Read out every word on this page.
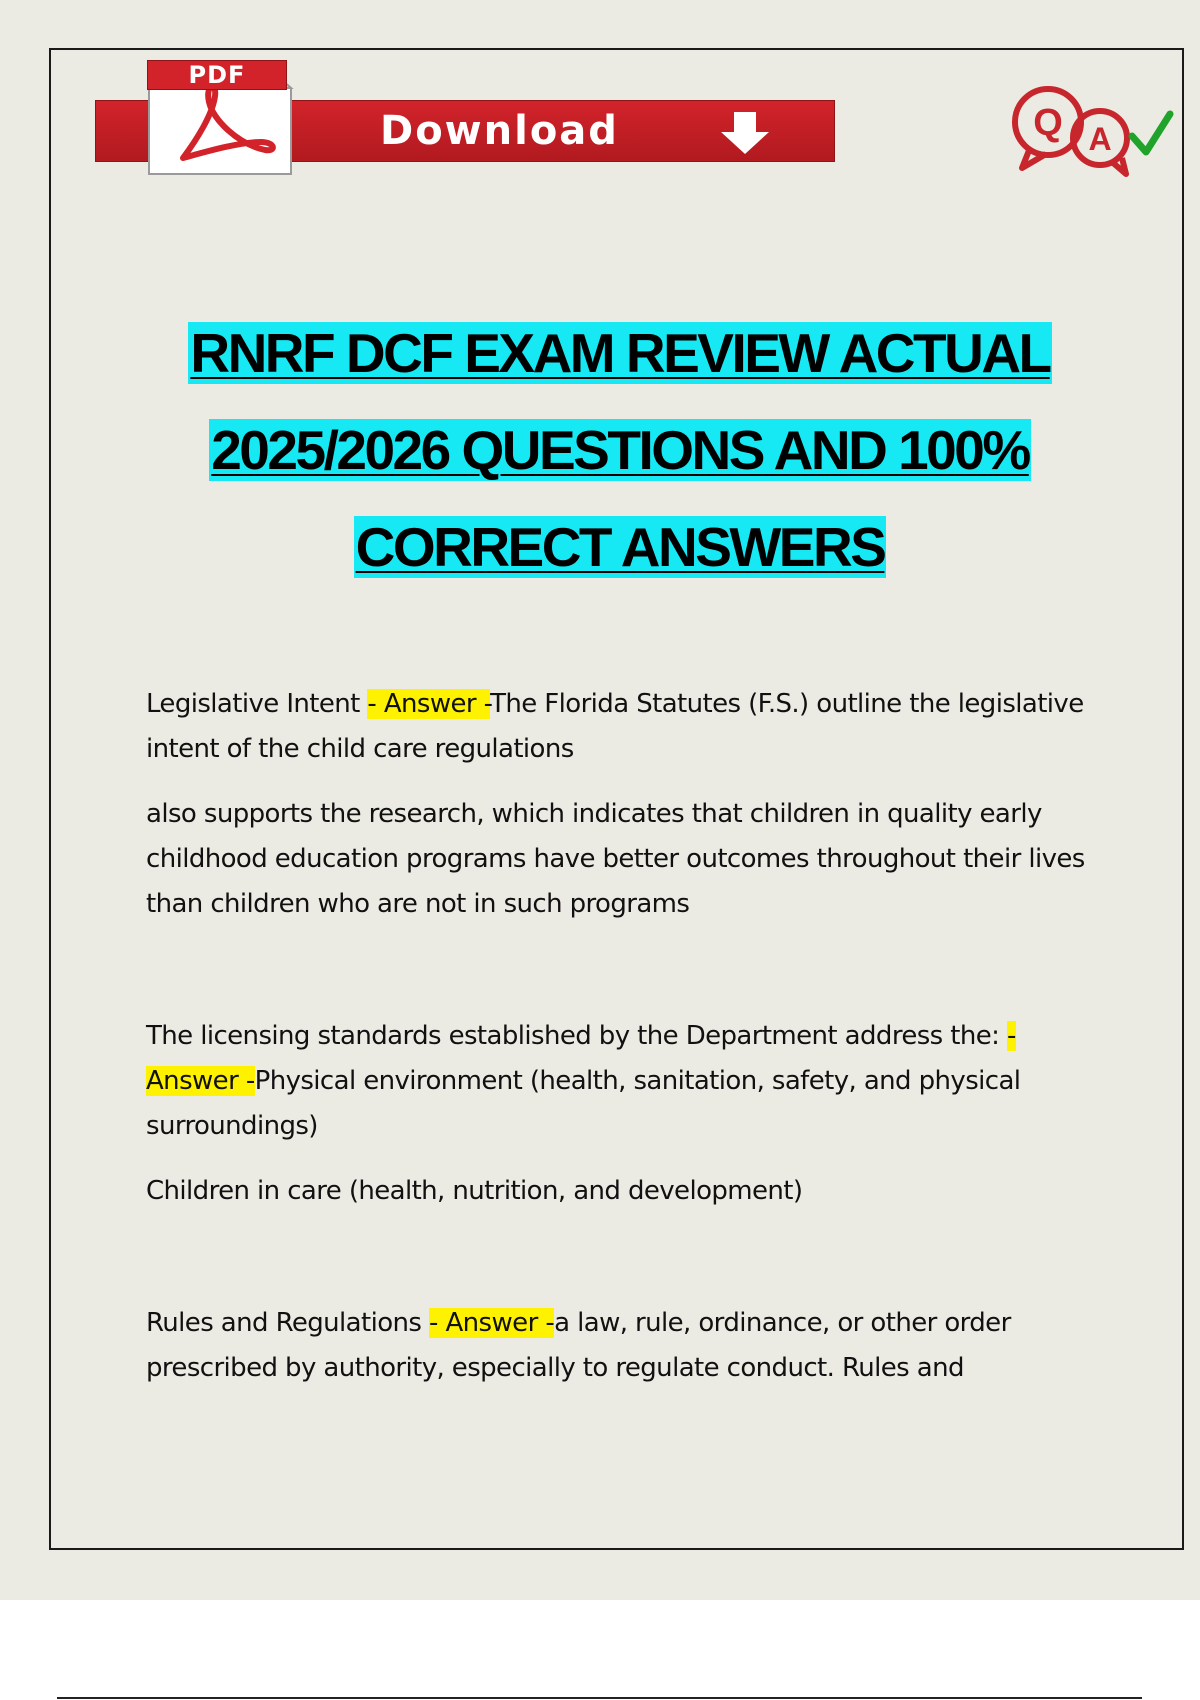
Download
PDF
Q A
RNRF DCF EXAM REVIEW ACTUAL
2025/2026 QUESTIONS AND 100%
CORRECT ANSWERS

Legislative Intent - Answer -The Florida Statutes (F.S.) outline the legislative intent of the child care regulations

also supports the research, which indicates that children in quality early childhood education programs have better outcomes throughout their lives than children who are not in such programs

The licensing standards established by the Department address the: - Answer -Physical environment (health, sanitation, safety, and physical surroundings)

Children in care (health, nutrition, and development)

Rules and Regulations - Answer -a law, rule, ordinance, or other order prescribed by authority, especially to regulate conduct. Rules and
